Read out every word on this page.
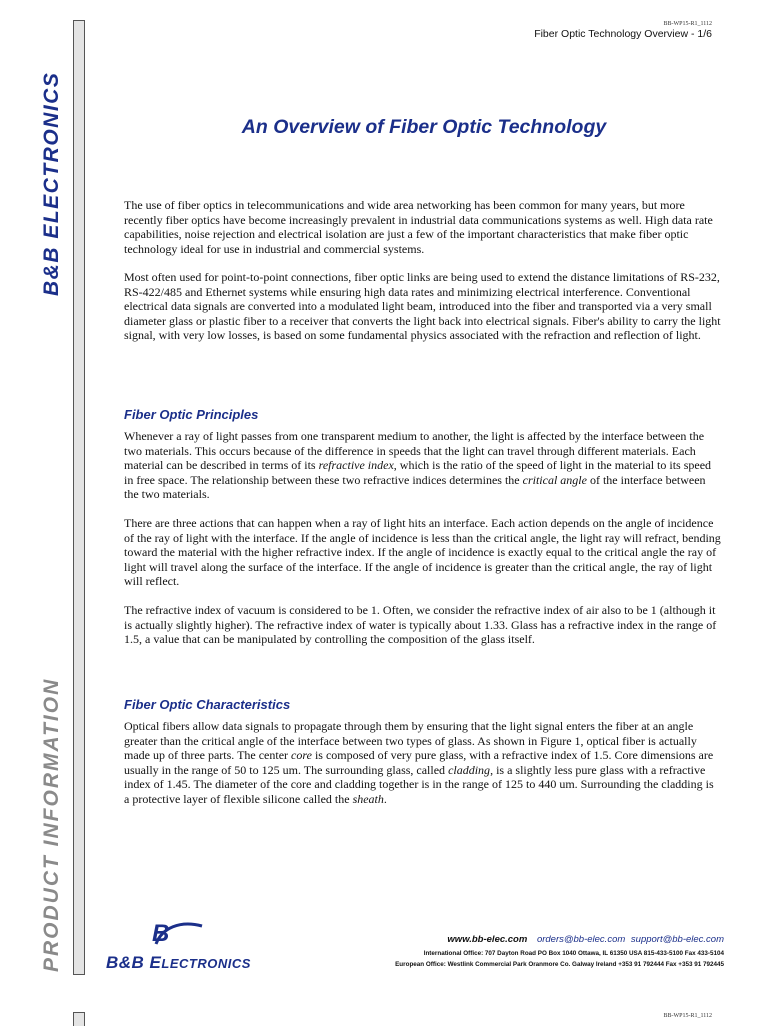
B&B ELECTRONICS
PRODUCT INFORMATION
BB-WP15-R1_1112
Fiber Optic Technology Overview - 1/6
An Overview of Fiber Optic Technology

The use of fiber optics in telecommunications and wide area networking has been common for many years, but more recently fiber optics have become increasingly prevalent in industrial data communications systems as well. High data rate capabilities, noise rejection and electrical isolation are just a few of the important characteristics that make fiber optic technology ideal for use in industrial and commercial systems.

Most often used for point-to-point connections, fiber optic links are being used to extend the distance limitations of RS-232, RS-422/485 and Ethernet systems while ensuring high data rates and minimizing electrical interference. Conventional electrical data signals are converted into a modulated light beam, introduced into the fiber and transported via a very small diameter glass or plastic fiber to a receiver that converts the light back into electrical signals. Fiber's ability to carry the light signal, with very low losses, is based on some fundamental physics associated with the refraction and reflection of light.

Fiber Optic Principles

Whenever a ray of light passes from one transparent medium to another, the light is affected by the interface between the two materials. This occurs because of the difference in speeds that the light can travel through different materials. Each material can be described in terms of its refractive index, which is the ratio of the speed of light in the material to its speed in free space. The relationship between these two refractive indices determines the critical angle of the interface between the two materials.

There are three actions that can happen when a ray of light hits an interface. Each action depends on the angle of incidence of the ray of light with the interface. If the angle of incidence is less than the critical angle, the light ray will refract, bending toward the material with the higher refractive index. If the angle of incidence is exactly equal to the critical angle the ray of light will travel along the surface of the interface. If the angle of incidence is greater than the critical angle, the ray of light will reflect.

The refractive index of vacuum is considered to be 1. Often, we consider the refractive index of air also to be 1 (although it is actually slightly higher). The refractive index of water is typically about 1.33. Glass has a refractive index in the range of 1.5, a value that can be manipulated by controlling the composition of the glass itself.

Fiber Optic Characteristics

Optical fibers allow data signals to propagate through them by ensuring that the light signal enters the fiber at an angle greater than the critical angle of the interface between two types of glass. As shown in Figure 1, optical fiber is actually made up of three parts. The center core is composed of very pure glass, with a refractive index of 1.5. Core dimensions are usually in the range of 50 to 125 um. The surrounding glass, called cladding, is a slightly less pure glass with a refractive index of 1.45. The diameter of the core and cladding together is in the range of 125 to 440 um. Surrounding the cladding is a protective layer of flexible silicone called the sheath.

B
B&B ELECTRONICS
www.bb-elec.com orders@bb-elec.com support@bb-elec.com
International Office: 707 Dayton Road PO Box 1040 Ottawa, IL 61350 USA 815-433-5100 Fax 433-5104
European Office: Westlink Commercial Park Oranmore Co. Galway Ireland +353 91 792444 Fax +353 91 792445
BB-WP15-R1_1112
